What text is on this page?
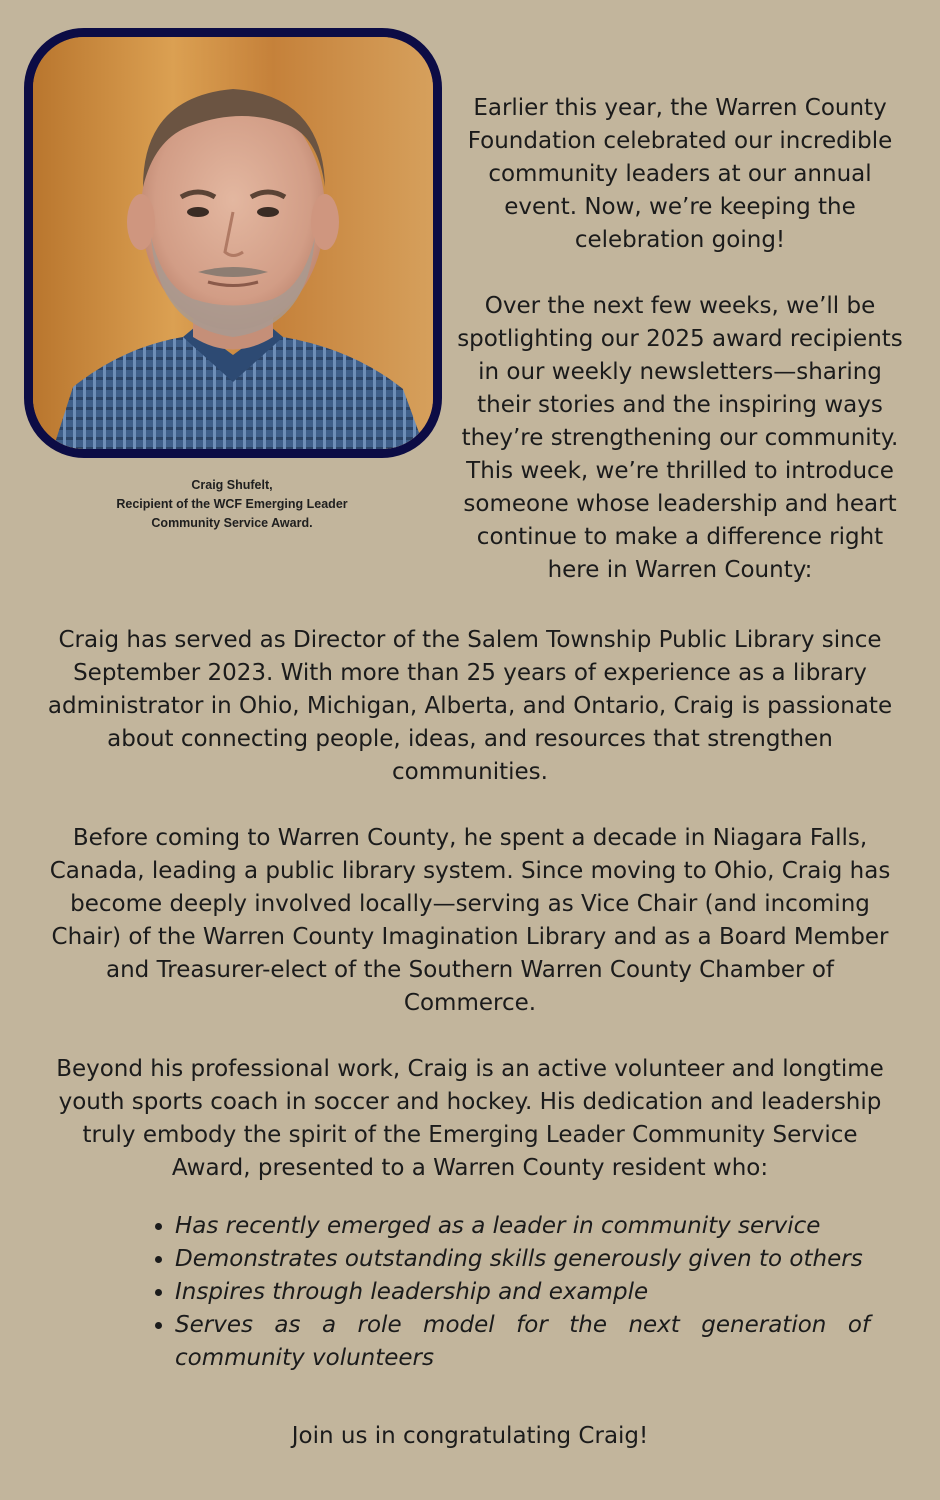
Craig Shufelt,
Recipient of the WCF Emerging Leader
Community Service Award.

Earlier this year, the Warren County Foundation celebrated our incredible community leaders at our annual event. Now, we’re keeping the celebration going!

Over the next few weeks, we’ll be spotlighting our 2025 award recipients in our weekly newsletters—sharing their stories and the inspiring ways they’re strengthening our community. This week, we’re thrilled to introduce someone whose leadership and heart continue to make a difference right here in Warren County:

Craig has served as Director of the Salem Township Public Library since September 2023. With more than 25 years of experience as a library administrator in Ohio, Michigan, Alberta, and Ontario, Craig is passionate about connecting people, ideas, and resources that strengthen communities.

Before coming to Warren County, he spent a decade in Niagara Falls, Canada, leading a public library system. Since moving to Ohio, Craig has become deeply involved locally—serving as Vice Chair (and incoming Chair) of the Warren County Imagination Library and as a Board Member and Treasurer-elect of the Southern Warren County Chamber of Commerce.

Beyond his professional work, Craig is an active volunteer and longtime youth sports coach in soccer and hockey. His dedication and leadership truly embody the spirit of the Emerging Leader Community Service Award, presented to a Warren County resident who:

• Has recently emerged as a leader in community service
• Demonstrates outstanding skills generously given to others
• Inspires through leadership and example
• Serves as a role model for the next generation of community volunteers

Join us in congratulating Craig!
